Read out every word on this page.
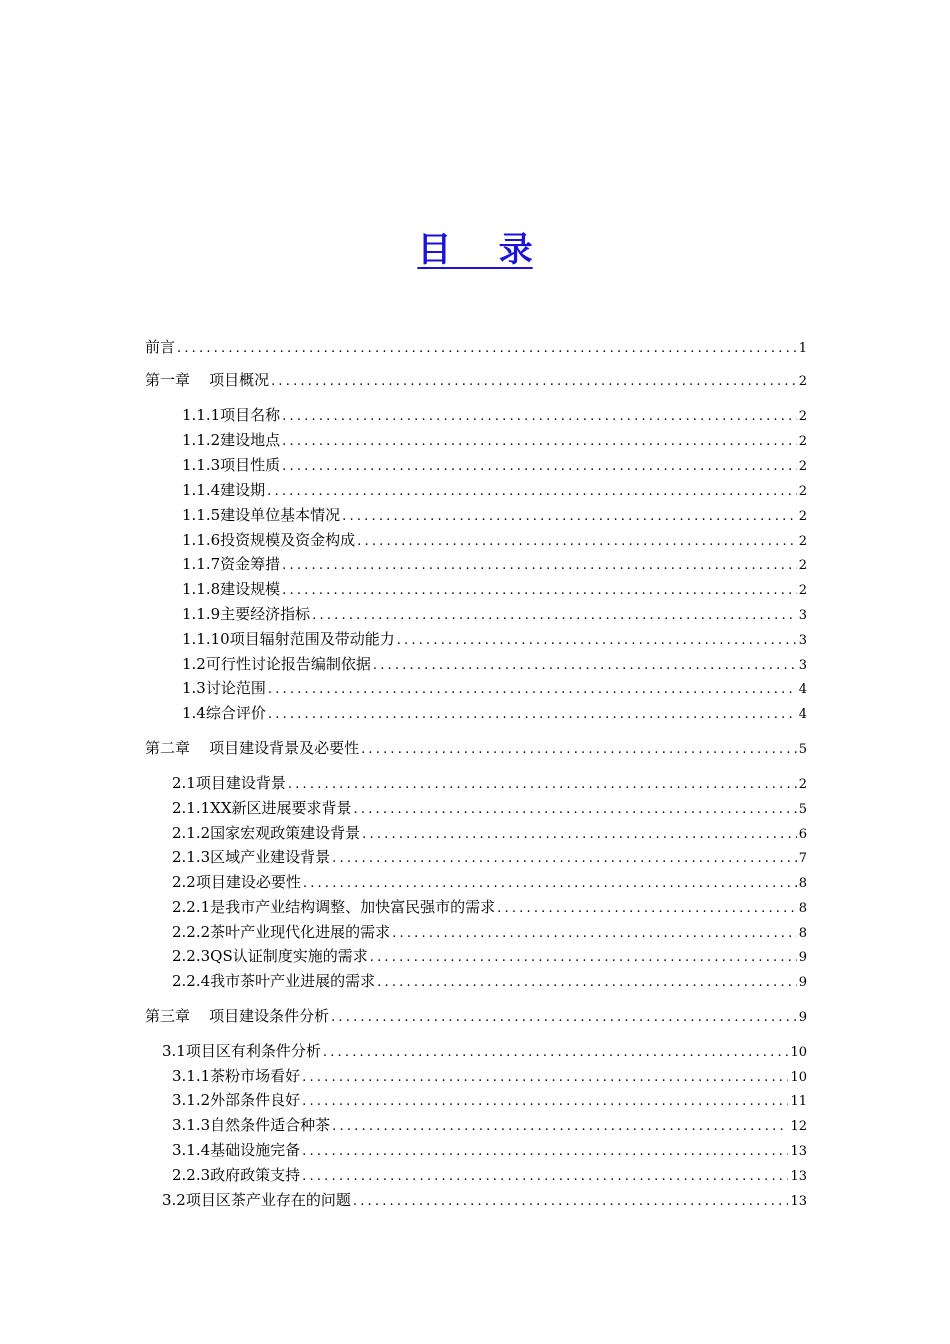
目    录
前言 .....	1
第一章    项目概况 .....	2
1.1.1项目名称 .....	2
1.1.2建设地点 .....	2
1.1.3项目性质 .....	2
1.1.4建设期 .....	2
1.1.5建设单位基本情况 .....	2
1.1.6投资规模及资金构成 .....	2
1.1.7资金筹措 .....	2
1.1.8建设规模 .....	2
1.1.9主要经济指标 .....	3
1.1.10项目辐射范围及带动能力 .....	3
1.2可行性讨论报告编制依据 .....	3
1.3讨论范围 .....	4
1.4综合评价 .....	4
第二章    项目建设背景及必要性 .....	5
2.1项目建设背景 .....	2
2.1.1XX新区进展要求背景 .....	5
2.1.2国家宏观政策建设背景 .....	6
2.1.3区域产业建设背景 .....	7
2.2项目建设必要性 .....	8
2.2.1是我市产业结构调整、加快富民强市的需求 .....	8
2.2.2茶叶产业现代化进展的需求 .....	8
2.2.3QS认证制度实施的需求 .....	9
2.2.4我市茶叶产业进展的需求 .....	9
第三章    项目建设条件分析 .....	9
3.1项目区有利条件分析 .....	10
3.1.1茶粉市场看好 .....	10
3.1.2外部条件良好 .....	11
3.1.3自然条件适合种茶 .....	12
3.1.4基础设施完备 .....	13
2.2.3政府政策支持 .....	13
3.2项目区茶产业存在的问题 .....	13
